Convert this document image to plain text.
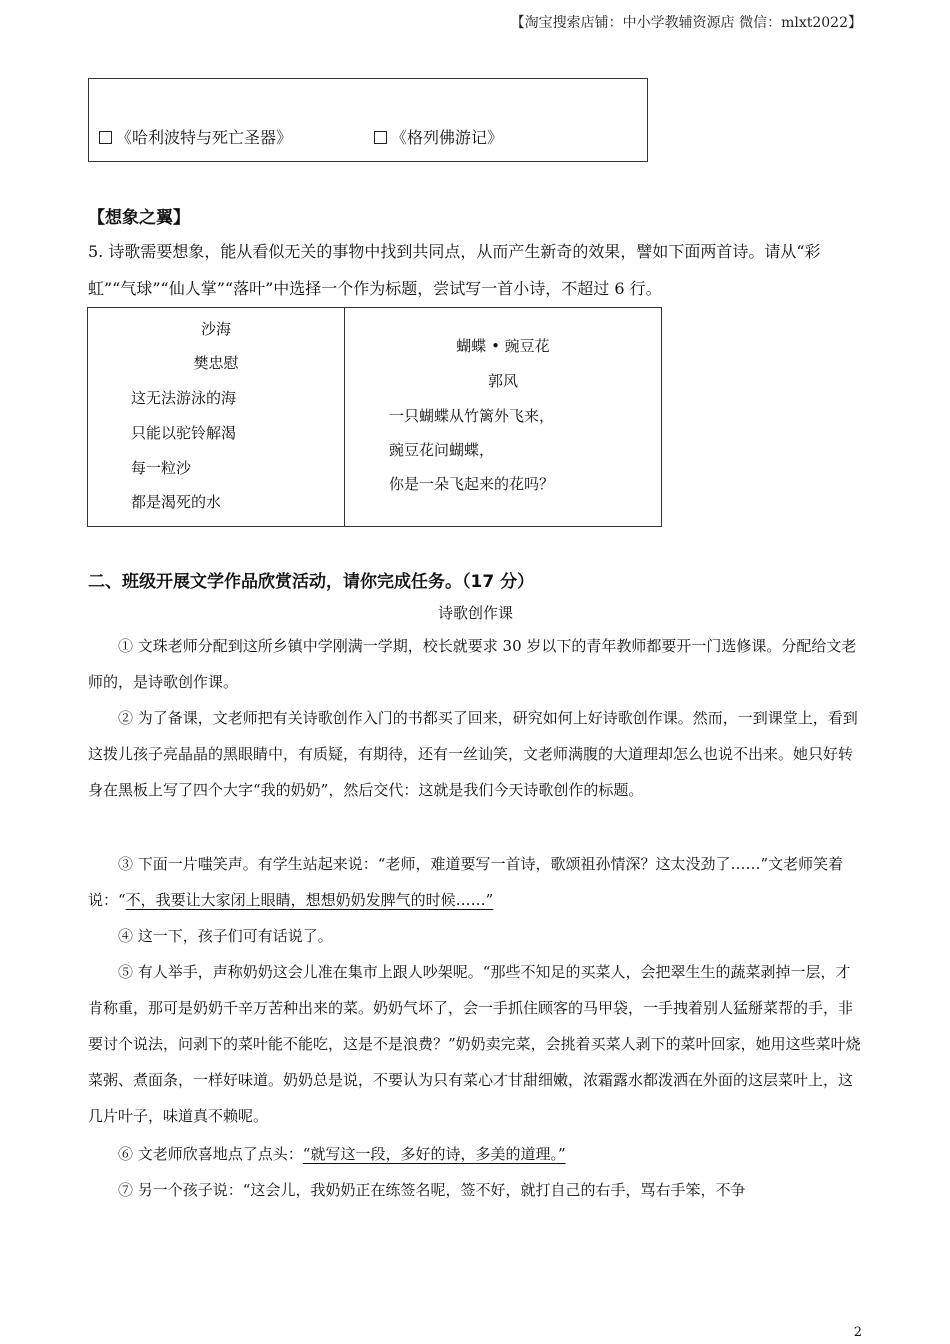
【淘宝搜索店铺：中小学教辅资源店 微信：mlxt2022】
《哈利波特与死亡圣器》	《格列佛游记》
【想象之翼】
5. 诗歌需要想象，能从看似无关的事物中找到共同点，从而产生新奇的效果，譬如下面两首诗。请从“彩
虹”“气球”“仙人掌”“落叶”中选择一个作为标题，尝试写一首小诗，不超过 6 行。
沙海
樊忠慰
这无法游泳的海
只能以驼铃解渴
每一粒沙
都是渴死的水
蝴蝶 • 豌豆花
郭风
一只蝴蝶从竹篱外飞来，
豌豆花问蝴蝶，
你是一朵飞起来的花吗？
二、班级开展文学作品欣赏活动，请你完成任务。（17 分）
诗歌创作课
① 文珠老师分配到这所乡镇中学刚满一学期，校长就要求 30 岁以下的青年教师都要开一门选修课。分配给文老师的，是诗歌创作课。
② 为了备课，文老师把有关诗歌创作入门的书都买了回来，研究如何上好诗歌创作课。然而，一到课堂上，看到这拨儿孩子亮晶晶的黑眼睛中，有质疑，有期待，还有一丝讪笑，文老师满腹的大道理却怎么也说不出来。她只好转身在黑板上写了四个大字“我的奶奶”，然后交代：这就是我们今天诗歌创作的标题。
③ 下面一片嗤笑声。有学生站起来说：“老师，难道要写一首诗，歌颂祖孙情深？这太没劲了……”文老师笑着说：“不，我要让大家闭上眼睛，想想奶奶发脾气的时候……”
④ 这一下，孩子们可有话说了。
⑤ 有人举手，声称奶奶这会儿准在集市上跟人吵架呢。“那些不知足的买菜人，会把翠生生的蔬菜剥掉一层，才肯称重，那可是奶奶千辛万苦种出来的菜。奶奶气坏了，会一手抓住顾客的马甲袋，一手拽着别人猛掰菜帮的手，非要讨个说法，问剥下的菜叶能不能吃，这是不是浪费？”奶奶卖完菜，会挑着买菜人剥下的菜叶回家，她用这些菜叶烧菜粥、煮面条，一样好味道。奶奶总是说，不要认为只有菜心才甘甜细嫩，浓霜露水都泼洒在外面的这层菜叶上，这几片叶子，味道真不赖呢。
⑥ 文老师欣喜地点了点头：“就写这一段，多好的诗，多美的道理。”
⑦ 另一个孩子说：“这会儿，我奶奶正在练签名呢，签不好，就打自己的右手，骂右手笨，不争
2
